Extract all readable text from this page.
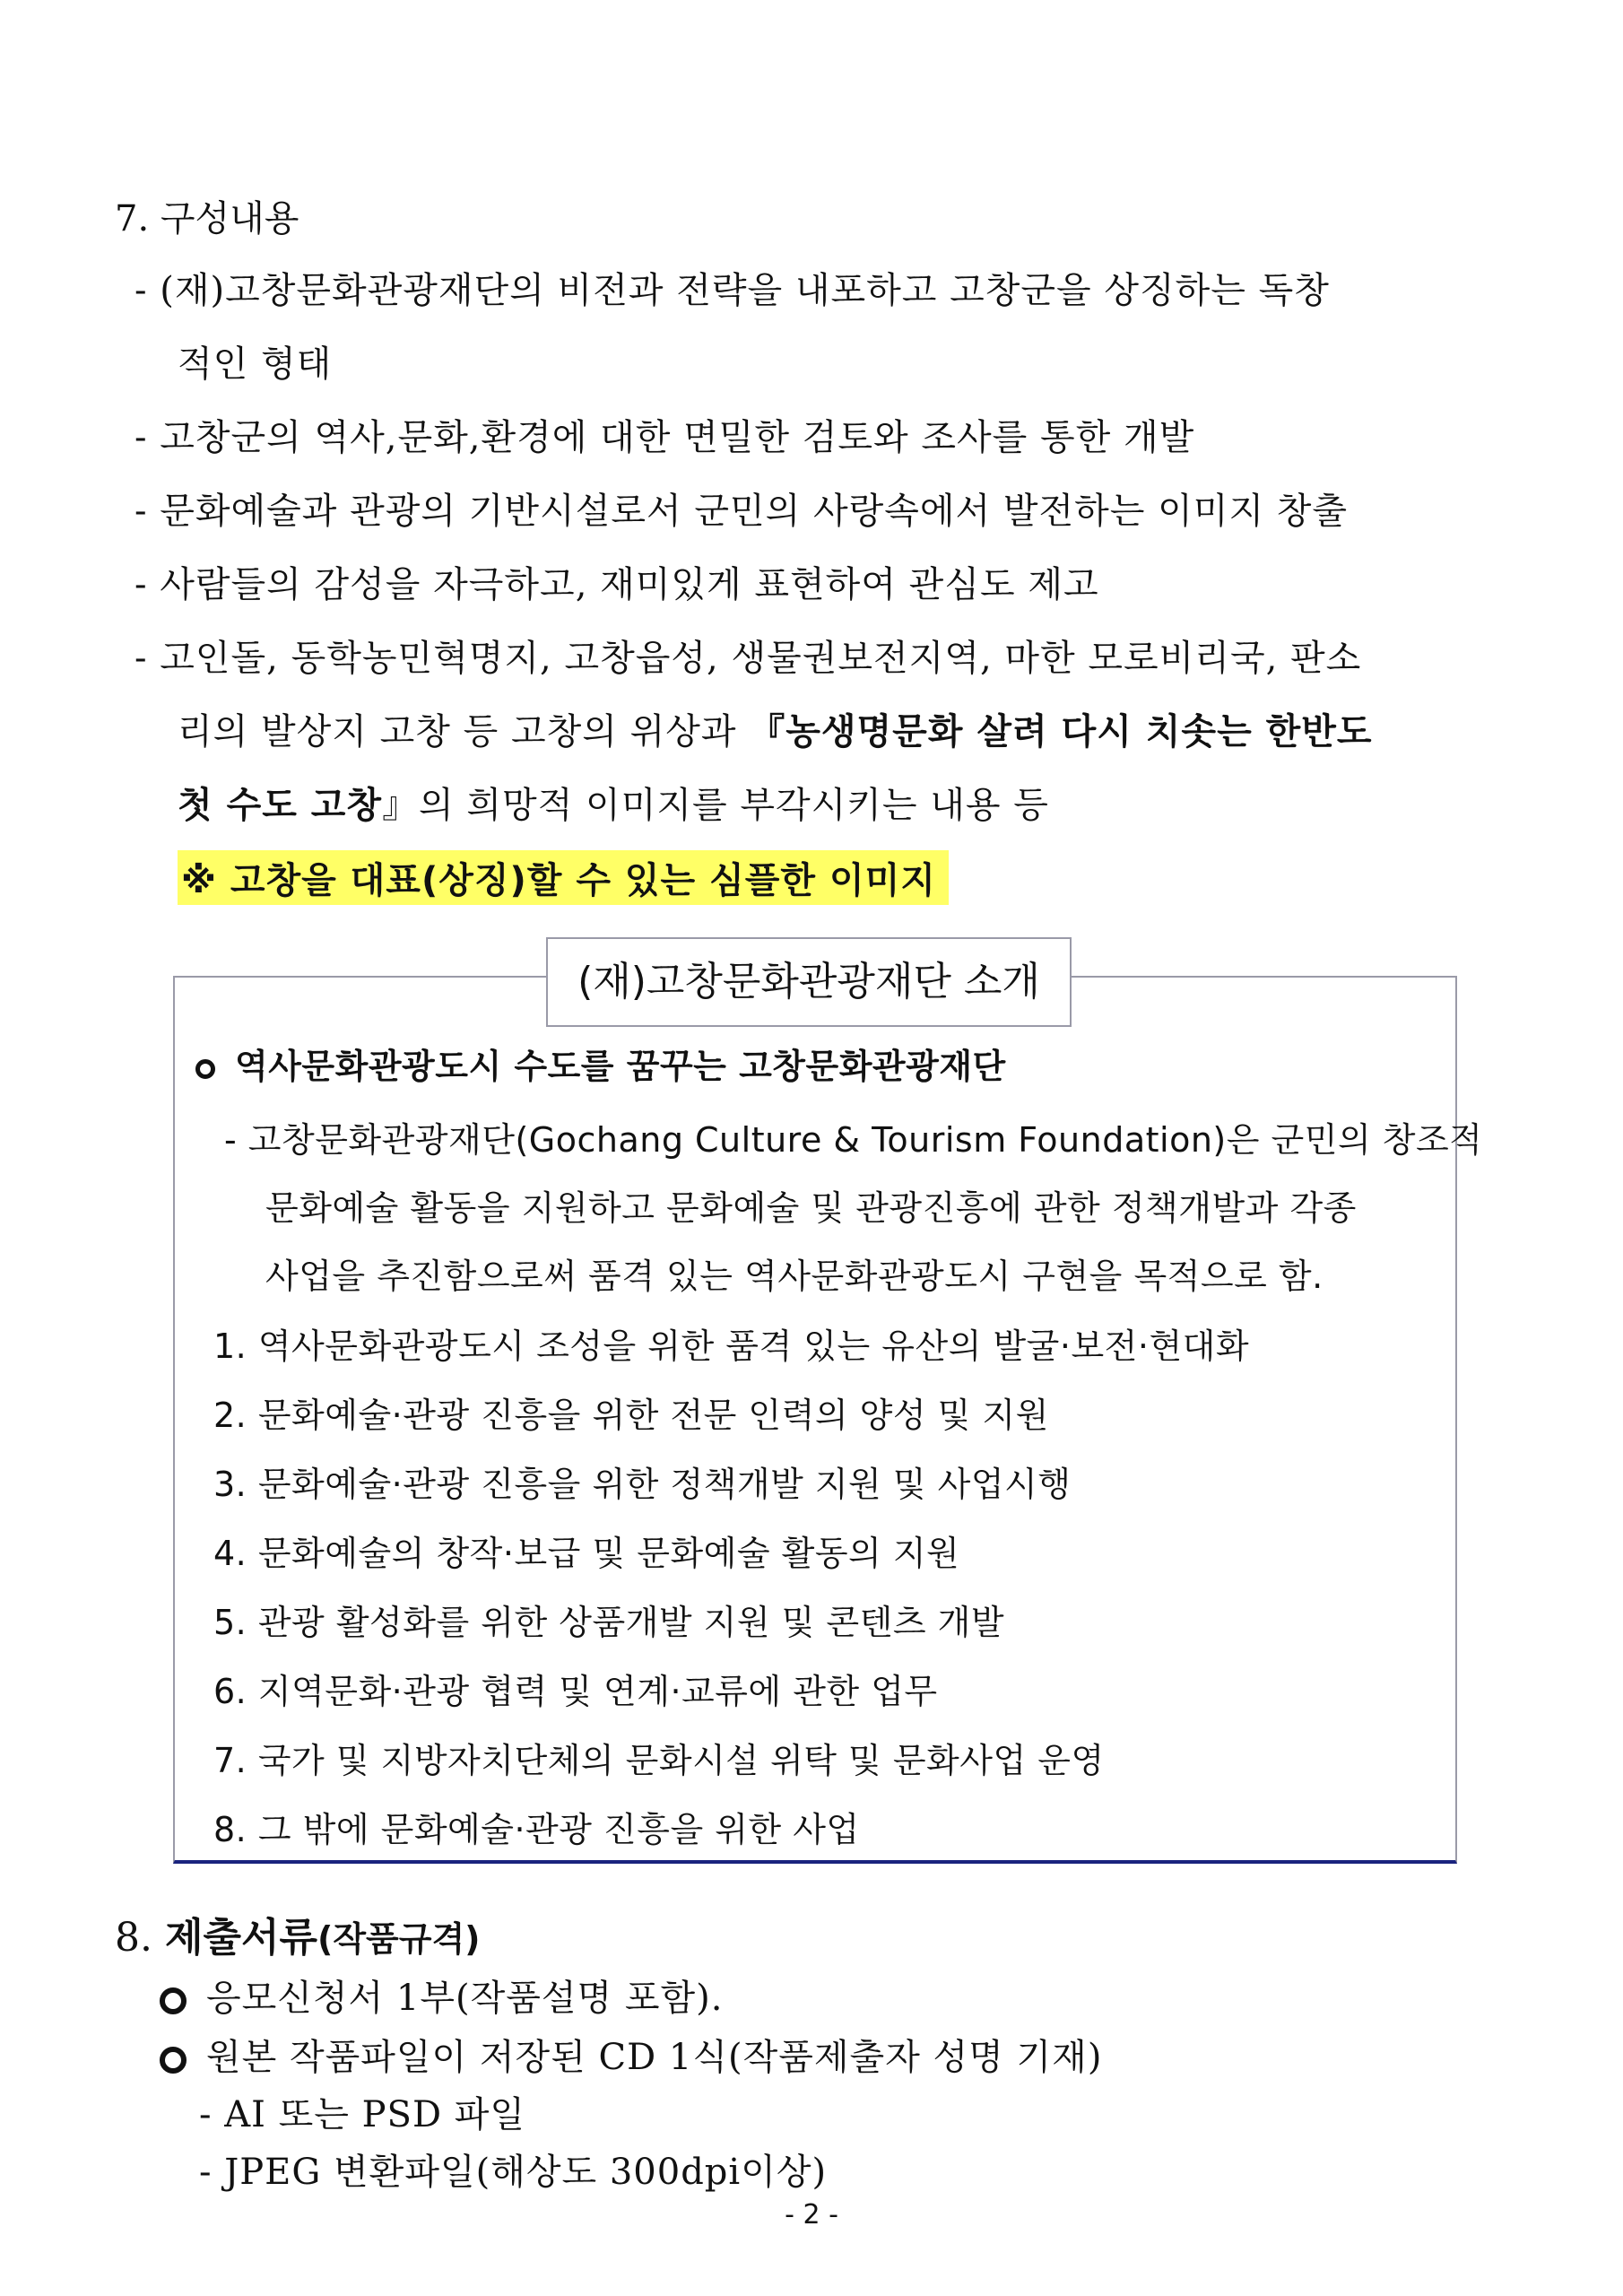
7. 구성내용
- (재)고창문화관광재단의 비전과 전략을 내포하고 고창군을 상징하는 독창
적인 형태
- 고창군의 역사,문화,환경에 대한 면밀한 검토와 조사를 통한 개발
- 문화예술과 관광의 기반시설로서 군민의 사랑속에서 발전하는 이미지 창출
- 사람들의 감성을 자극하고, 재미있게 표현하여 관심도 제고
- 고인돌, 동학농민혁명지, 고창읍성, 생물권보전지역, 마한 모로비리국, 판소
리의 발상지 고창 등 고창의 위상과 『농생명문화 살려 다시 치솟는 한반도
첫 수도 고창』의 희망적 이미지를 부각시키는 내용 등
※ 고창을 대표(상징)할 수 있는 심플한 이미지
(재)고창문화관광재단 소개
역사문화관광도시 수도를 꿈꾸는 고창문화관광재단
- 고창문화관광재단(Gochang Culture & Tourism Foundation)은 군민의 창조적
문화예술 활동을 지원하고 문화예술 및 관광진흥에 관한 정책개발과 각종
사업을 추진함으로써 품격 있는 역사문화관광도시 구현을 목적으로 함.
1. 역사문화관광도시 조성을 위한 품격 있는 유산의 발굴·보전·현대화
2. 문화예술·관광 진흥을 위한 전문 인력의 양성 및 지원
3. 문화예술·관광 진흥을 위한 정책개발 지원 및 사업시행
4. 문화예술의 창작·보급 및 문화예술 활동의 지원
5. 관광 활성화를 위한 상품개발 지원 및 콘텐츠 개발
6. 지역문화·관광 협력 및 연계·교류에 관한 업무
7. 국가 및 지방자치단체의 문화시설 위탁 및 문화사업 운영
8. 그 밖에 문화예술·관광 진흥을 위한 사업
8. 제출서류(작품규격)
응모신청서 1부(작품설명 포함).
원본 작품파일이 저장된 CD 1식(작품제출자 성명 기재)
- AI 또는 PSD 파일
- JPEG 변환파일(해상도 300dpi이상)
- 2 -
